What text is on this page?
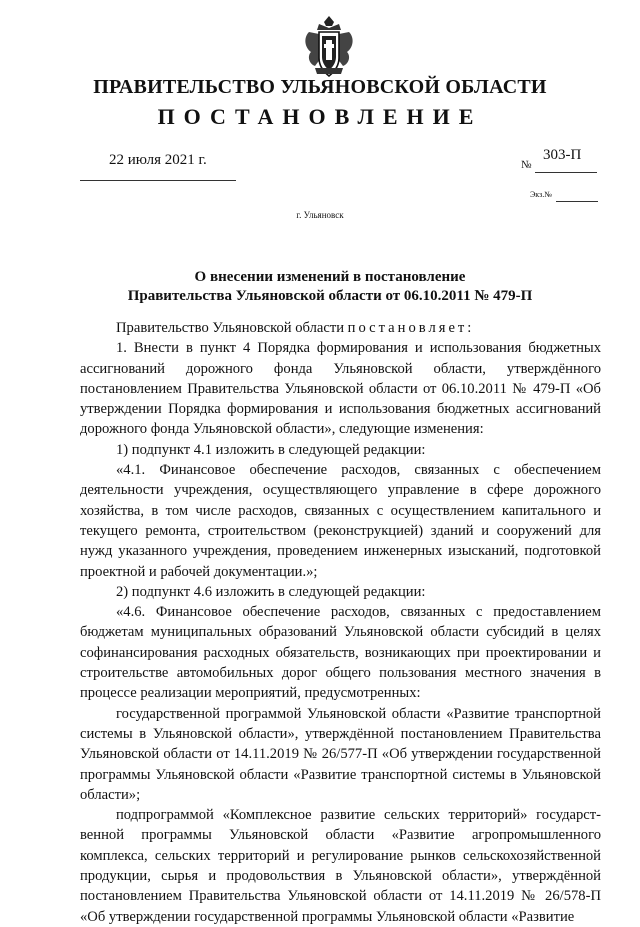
ПРАВИТЕЛЬСТВО УЛЬЯНОВСКОЙ ОБЛАСТИ
ПОСТАНОВЛЕНИЕ
22 июля 2021 г.	№
303-П
Экз.№
г. Ульяновск
О внесении изменений в постановление
Правительства Ульяновской области от 06.10.2011 № 479-П

Правительство Ульяновской области постановляет:

1. Внести в пункт 4 Порядка формирования и использования бюджетных ассигнований дорожного фонда Ульяновской области, утверждённого постановлением Правительства Ульяновской области от 06.10.2011 № 479-П «Об утверждении Порядка формирования и использования бюджетных ассигнований дорожного фонда Ульяновской области», следующие изменения:

1) подпункт 4.1 изложить в следующей редакции:

«4.1. Финансовое обеспечение расходов, связанных с обеспечением деятельности учреждения, осуществляющего управление в сфере дорожного хозяйства, в том числе расходов, связанных с осуществлением капитального и текущего ремонта, строительством (реконструкцией) зданий и сооружений для нужд указанного учреждения, проведением инженерных изысканий, подготовкой проектной и рабочей документации.»;

2) подпункт 4.6 изложить в следующей редакции:

«4.6. Финансовое обеспечение расходов, связанных с предоставлением бюджетам муниципальных образований Ульяновской области субсидий в целях софинансирования расходных обязательств, возникающих при проектировании и строительстве автомобильных дорог общего пользования местного значения в процессе реализации мероприятий, предусмотренных:

государственной программой Ульяновской области «Развитие транспортной системы в Ульяновской области», утверждённой постановлением Правительства Ульяновской области от 14.11.2019 № 26/577-П «Об утверждении государственной программы Ульяновской области «Развитие транспортной системы в Ульяновской области»;

подпрограммой «Комплексное развитие сельских территорий» государст-венной программы Ульяновской области «Развитие агропромышленного комплекса, сельских территорий и регулирование рынков сельскохозяйственной продукции, сырья и продовольствия в Ульяновской области», утверждённой постановлением Правительства Ульяновской области от 14.11.2019 № 26/578-П «Об утверждении государственной программы Ульяновской области «Развитие
